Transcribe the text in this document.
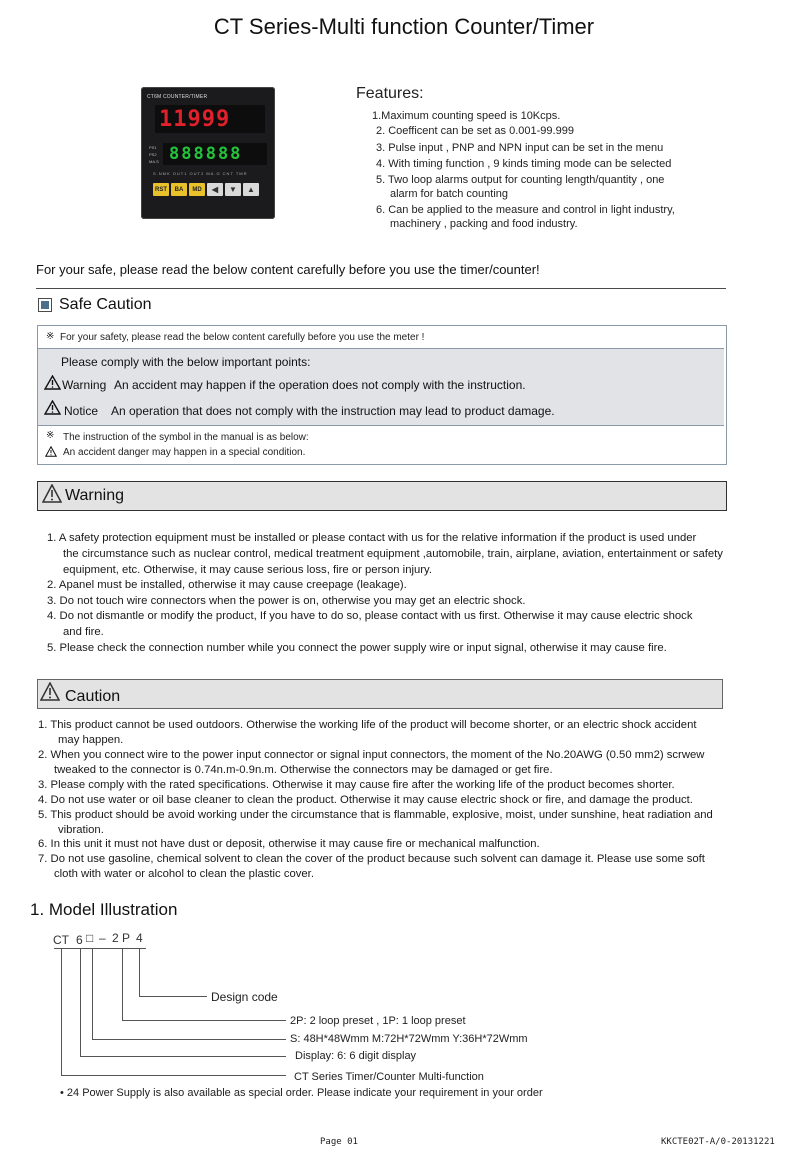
CT Series-Multi function Counter/Timer
CT6M COUNTER/TIMER
11999
888888
PS1
PS2
MA.S
S.NMK OUT1 OUT2 MA.G CNT TMR
RST	BA	MD	◀	▼	▲
Features:
1.Maximum counting speed is 10Kcps.
2. Coefficent can be set as 0.001-99.999
3. Pulse input , PNP and NPN input can be set in the menu
4. With timing function , 9 kinds timing mode can be selected
5. Two loop alarms output for counting length/quantity , one
alarm for batch counting
6. Can be applied to the measure and control in light industry,
machinery , packing and food industry.
For your safe, please read the below content carefully before you use the timer/counter!
Safe Caution
※ For your safety, please read the below content carefully before you use the meter !
Please comply with the below important points:
Warning An accident may happen if the operation does not comply with the instruction.
Notice An operation that does not comply with the instruction may lead to product damage.
※ The instruction of the symbol in the manual is as below:
An accident danger may happen in a special condition.
Warning
1. A safety protection equipment must be installed or please contact with us for the relative information if the product is used under
the circumstance such as nuclear control, medical treatment equipment ,automobile, train, airplane, aviation, entertainment or safety
equipment, etc. Otherwise, it may cause serious loss, fire or person injury.
2. Apanel must be installed, otherwise it may cause creepage (leakage).
3. Do not touch wire connectors when the power is on, otherwise you may get an electric shock.
4. Do not dismantle or modify the product, If you have to do so, please contact with us first. Otherwise it may cause electric shock
and fire.
5. Please check the connection number while you connect the power supply wire or input signal, otherwise it may cause fire.
Caution
1. This product cannot be used outdoors. Otherwise the working life of the product will become shorter, or an electric shock accident
may happen.
2. When you connect wire to the power input connector or signal input connectors, the moment of the No.20AWG (0.50 mm2) scrwew
tweaked to the connector is 0.74n.m-0.9n.m. Otherwise the connectors may be damaged or get fire.
3. Please comply with the rated specifications. Otherwise it may cause fire after the working life of the product becomes shorter.
4. Do not use water or oil base cleaner to clean the product. Otherwise it may cause electric shock or fire, and damage the product.
5. This product should be avoid working under the circumstance that is flammable, explosive, moist, under sunshine, heat radiation and
vibration.
6. In this unit it must not have dust or deposit, otherwise it may cause fire or mechanical malfunction.
7. Do not use gasoline, chemical solvent to clean the cover of the product because such solvent can damage it. Please use some soft
cloth with water or alcohol to clean the plastic cover.
1. Model Illustration
CT 6 □ – 2 P 4
Design code
2P: 2 loop preset , 1P: 1 loop preset
S: 48H*48Wmm M:72H*72Wmm Y:36H*72Wmm
Display: 6: 6 digit display
CT Series Timer/Counter Multi-function
• 24 Power Supply is also available as special order. Please indicate your requirement in your order
Page 01	KKCTE02T-A/0-20131221
